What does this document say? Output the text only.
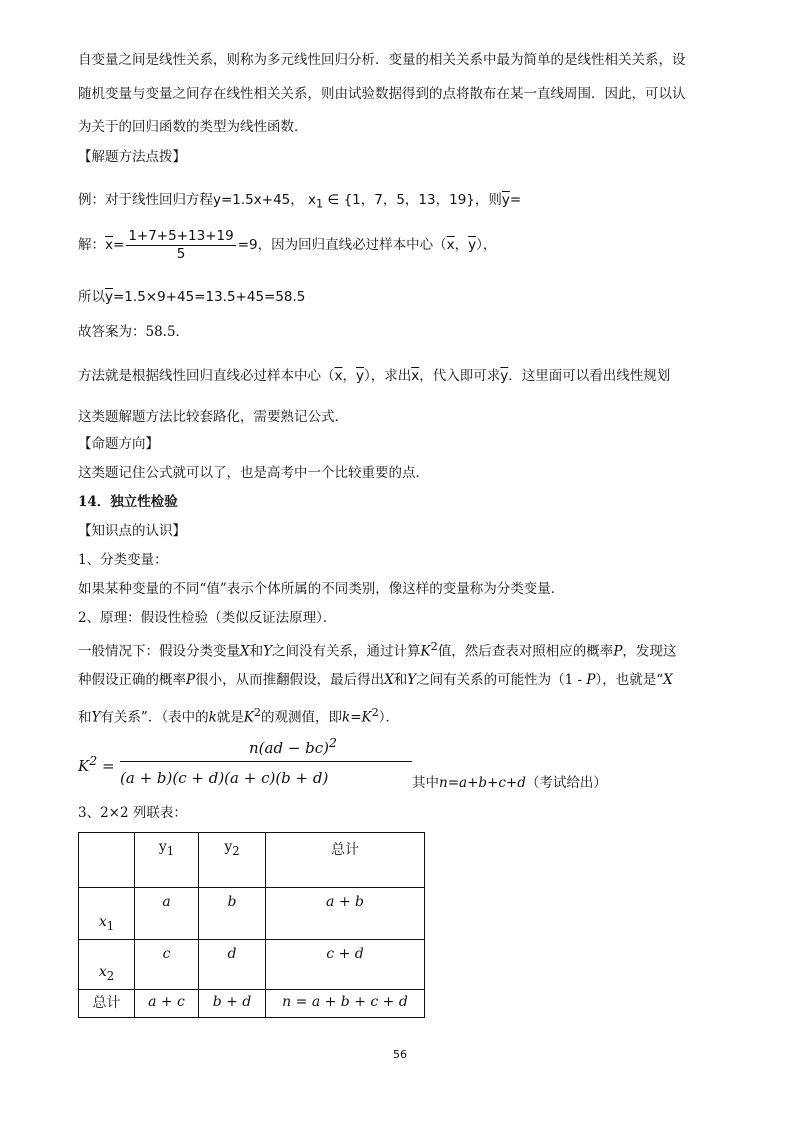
自变量之间是线性关系，则称为多元线性回归分析．变量的相关关系中最为简单的是线性相关关系，设
随机变量与变量之间存在线性相关关系，则由试验数据得到的点将散布在某一直线周围．因此，可以认
为关于的回归函数的类型为线性函数．
【解题方法点拨】
例：对于线性回归方程y=1.5x+45， $x_1$ ∈ {1，7，5，13，19}，则$\overline{y}=$
解：$\overline{x}= \frac{1+7+5+13+19}{5} =9$，因为回归直线必过样本中心（$\overline{x}$，$\overline{y}$），
所以$\overline{y}=1.5\times 9+45=13.5+45=58.5$
故答案为：58.5．
方法就是根据线性回归直线必过样本中心（$\overline{x}$，$\overline{y}$），求出$\overline{x}$，代入即可求$\overline{y}$．这里面可以看出线性规划
这类题解题方法比较套路化，需要熟记公式．
【命题方向】
这类题记住公式就可以了，也是高考中一个比较重要的点．
14．独立性检验
【知识点的认识】
1、分类变量：
如果某种变量的不同“值”表示个体所属的不同类别，像这样的变量称为分类变量．
2、原理：假设性检验（类似反证法原理）．
一般情况下：假设分类变量X和Y之间没有关系，通过计算$K^2$值，然后查表对照相应的概率P，发现这
种假设正确的概率P很小，从而推翻假设，最后得出X和Y之间有关系的可能性为（1 - P），也就是“X
和Y有关系”．（表中的k就是$K^2$的观测值，即$k=K^2$）．
$K^2$ =
n(ad − bc)$^2$
(a + b)(c + d)(a + c)(b + d)	其中n=a+b+c+d（考试给出）
3、2×2 列联表：
	$y_1$	$y_2$	总计
$x_1$	a	b	a + b
$x_2$	c	d	c + d
总计	a + c	b + d	n = a + b + c + d
56
